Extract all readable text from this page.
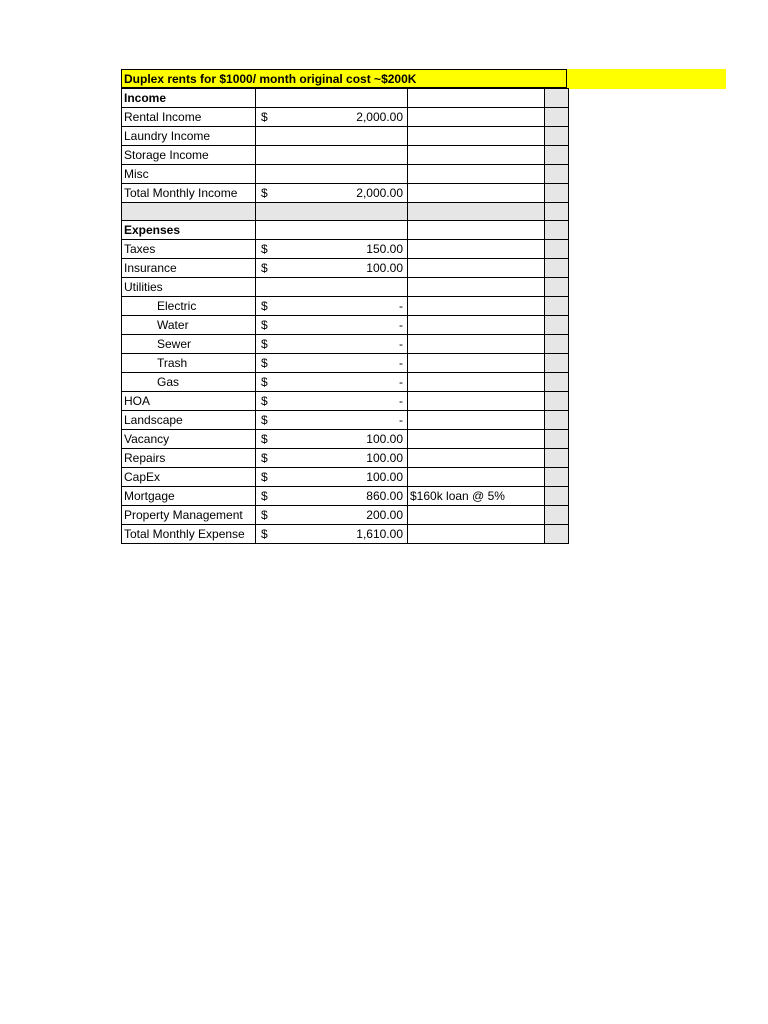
Duplex rents for $1000/ month original cost ~$200K
Income	

Rental Income	$ 2,000.00		

Laundry Income	

Storage Income	

Misc	

Total Monthly Income	$ 2,000.00		

Expenses	

Taxes	$ 150.00		

Insurance	$ 100.00		

Utilities	

Electric	$ -		

Water	$ -		

Sewer	$ -		

Trash	$ -		

Gas	$ -		

HOA	$ -		

Landscape	$ -		

Vacancy	$ 100.00		

Repairs	$ 100.00		

CapEx	$ 100.00		

Mortgage	$ 860.00	$160k loan @ 5%	
Property Management	$ 200.00		

Total Monthly Expense	$ 1,610.00		
